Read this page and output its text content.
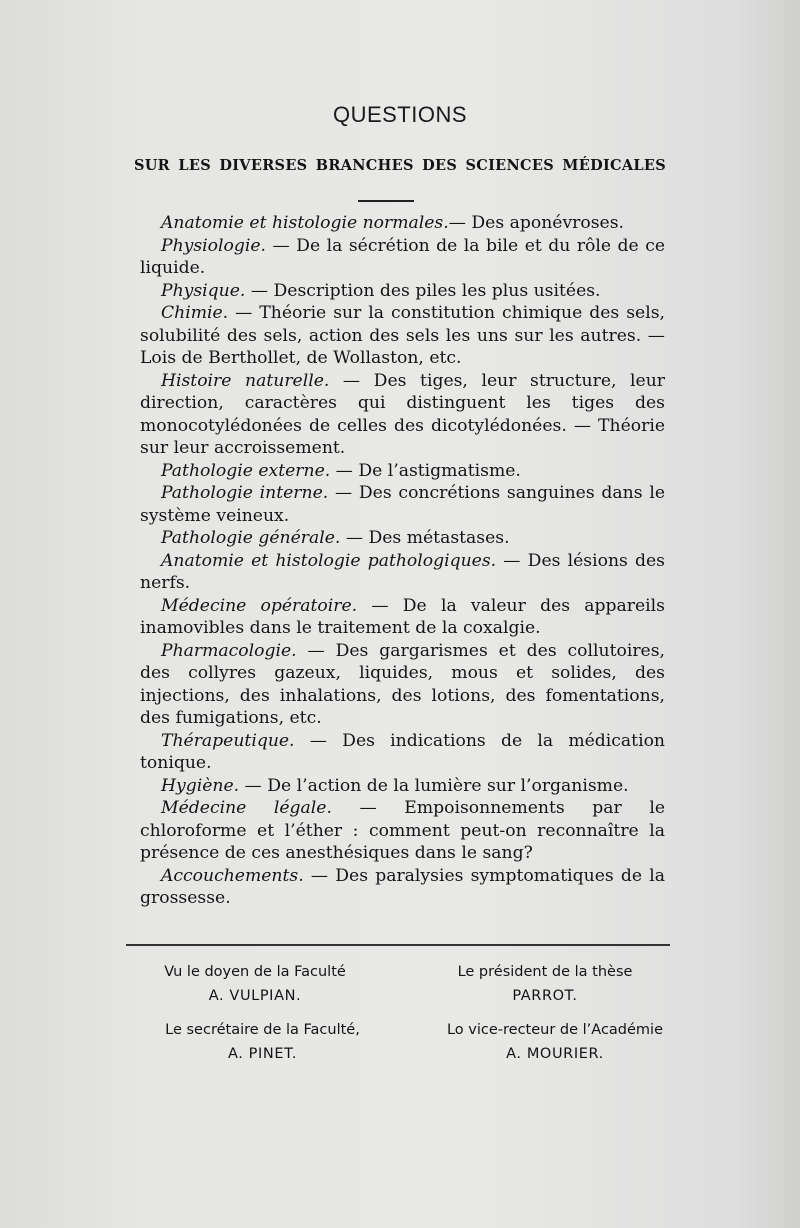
QUESTIONS
SUR LES DIVERSES BRANCHES DES SCIENCES MÉDICALES

Anatomie et histologie normales.— Des aponévroses.

Physiologie. — De la sécrétion de la bile et du rôle de ce liquide.

Physique. — Description des piles les plus usitées.

Chimie. — Théorie sur la constitution chimique des sels, solubilité des sels, action des sels les uns sur les autres. — Lois de Berthollet, de Wollaston, etc.

Histoire naturelle. — Des tiges, leur structure, leur direction, caractères qui distinguent les tiges des monocotylédonées de celles des dicotylédonées. — Théorie sur leur accroissement.

Pathologie externe. — De l’astigmatisme.

Pathologie interne. — Des concrétions sanguines dans le système veineux.

Pathologie générale. — Des métastases.

Anatomie et histologie pathologiques. — Des lésions des nerfs.

Médecine opératoire. — De la valeur des appareils inamovibles dans le traitement de la coxalgie.

Pharmacologie. — Des gargarismes et des collutoires, des collyres gazeux, liquides, mous et solides, des injections, des inhalations, des lotions, des fomentations, des fumigations, etc.

Thérapeutique. — Des indications de la médication tonique.

Hygiène. — De l’action de la lumière sur l’organisme.

Médecine légale. — Empoisonnements par le chloroforme et l’éther : comment peut-on reconnaître la présence de ces anesthésiques dans le sang?

Accouchements. — Des paralysies symptomatiques de la grossesse.

Vu le doyen de la Faculté
A. VULPIAN.
Le président de la thèse
PARROT.
Le secrétaire de la Faculté,
A. PINET.
Lo vice-recteur de l’Académie
A. MOURIER.
